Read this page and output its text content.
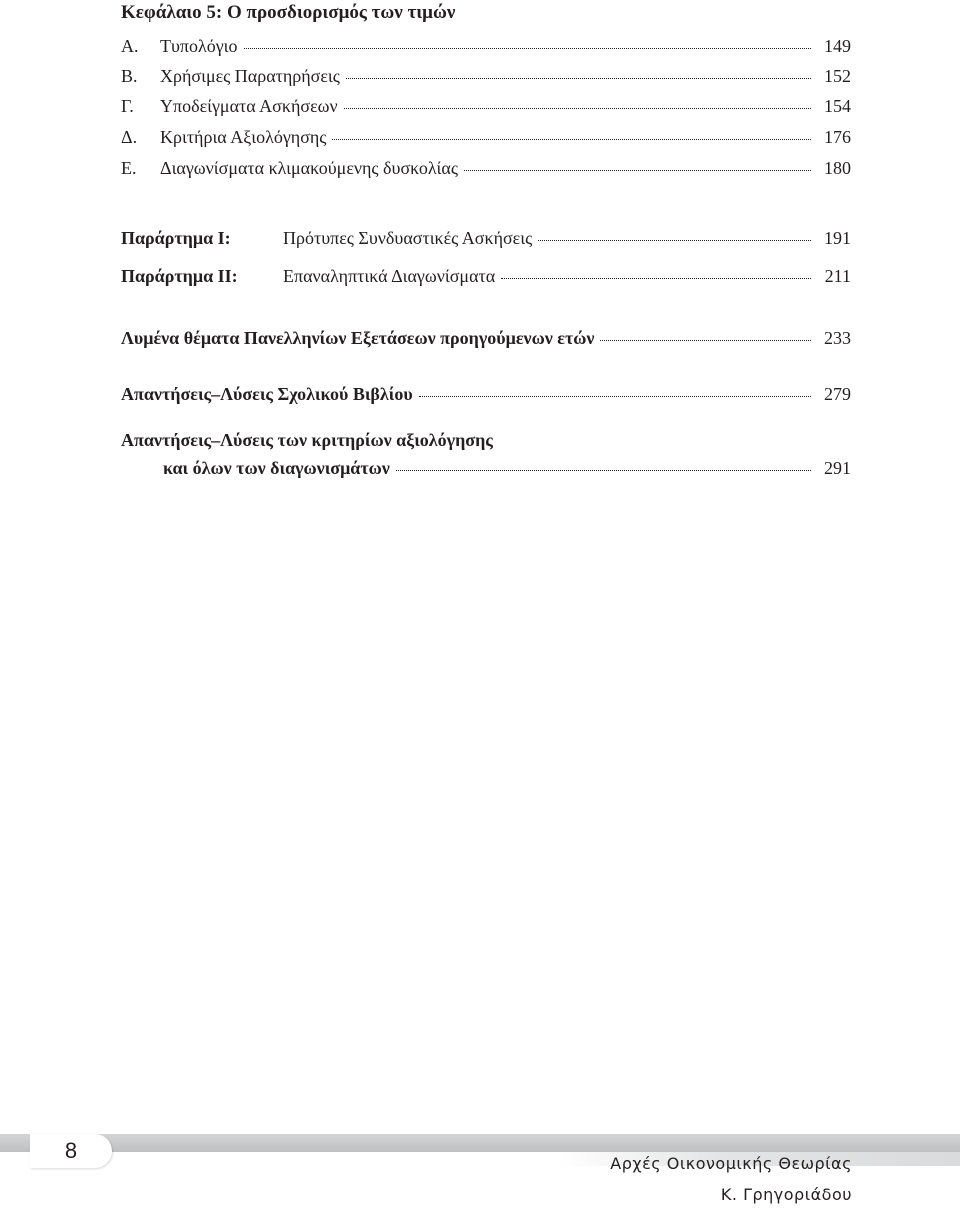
Κεφάλαιο 5: Ο προσδιορισμός των τιμών
Α.	Τυπολόγιο	149
Β.	Χρήσιμες Παρατηρήσεις	152
Γ.	Υποδείγματα Ασκήσεων	154
Δ.	Κριτήρια Αξιολόγησης	176
Ε.	Διαγωνίσματα κλιμακούμενης δυσκολίας	180
Παράρτημα Ι:	Πρότυπες Συνδυαστικές Ασκήσεις	191
Παράρτημα ΙΙ:	Επαναληπτικά Διαγωνίσματα	211
Λυμένα θέματα Πανελληνίων Εξετάσεων προηγούμενων ετών	233
Απαντήσεις–Λύσεις Σχολικού Βιβλίου	279
Απαντήσεις–Λύσεις των κριτηρίων αξιολόγησης
και όλων των διαγωνισμάτων	291
8
Αρχές Οικονομικής Θεωρίας
Κ. Γρηγοριάδου
